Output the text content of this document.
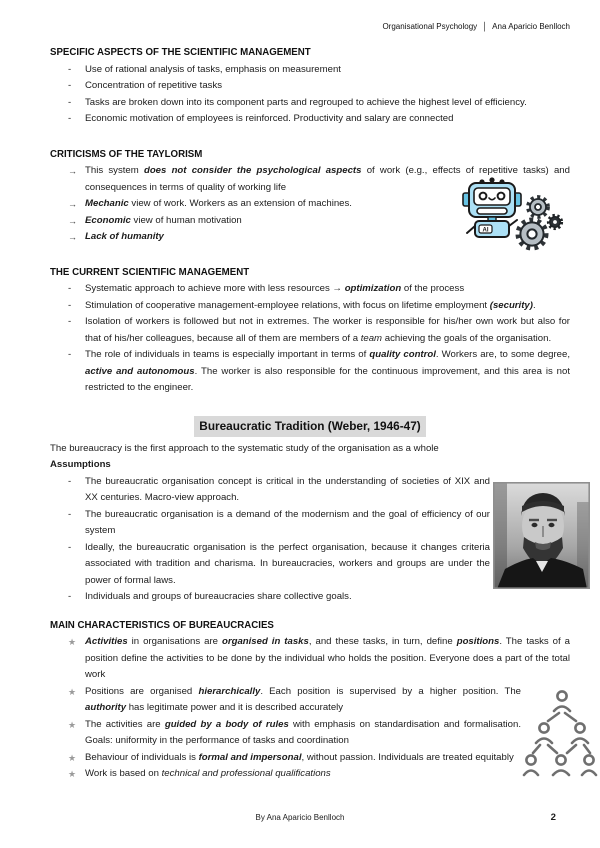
Organisational Psychology │ Ana Aparicio Benlloch
SPECIFIC ASPECTS OF THE SCIENTIFIC MANAGEMENT
-	Use of rational analysis of tasks, emphasis on measurement
-	Concentration of repetitive tasks
-	Tasks are broken down into its component parts and regrouped to achieve the highest level of efficiency.
-	Economic motivation of employees is reinforced. Productivity and salary are connected
CRITICISMS OF THE TAYLORISM
→ This system does not consider the psychological aspects of work (e.g., effects of repetitive tasks) and consequences in terms of quality of working life
→ Mechanic view of work. Workers as an extension of machines.
→ Economic view of human motivation
→ Lack of humanity
THE CURRENT SCIENTIFIC MANAGEMENT
-	Systematic approach to achieve more with less resources → optimization of the process
-	Stimulation of cooperative management-employee relations, with focus on lifetime employment (security).
-	Isolation of workers is followed but not in extremes. The worker is responsible for his/her own work but also for that of his/her colleagues, because all of them are members of a team achieving the goals of the organisation.
-	The role of individuals in teams is especially important in terms of quality control. Workers are, to some degree, active and autonomous. The worker is also responsible for the continuous improvement, and this area is not restricted to the engineer.
Bureaucratic Tradition (Weber, 1946-47)
The bureaucracy is the first approach to the systematic study of the organisation as a whole
Assumptions
-	The bureaucratic organisation concept is critical in the understanding of societies of XIX and XX centuries. Macro-view approach.
-	The bureaucratic organisation is a demand of the modernism and the goal of efficiency of our system
-	Ideally, the bureaucratic organisation is the perfect organisation, because it changes criteria associated with tradition and charisma. In bureaucracies, workers and groups are under the power of formal laws.
-	Individuals and groups of bureaucracies share collective goals.
MAIN CHARACTERISTICS OF BUREAUCRACIES
★ Activities in organisations are organised in tasks, and these tasks, in turn, define positions. The tasks of a position define the activities to be done by the individual who holds the position. Everyone does a part of the total work
★ Positions are organised hierarchically. Each position is supervised by a higher position. The authority has legitimate power and it is described accurately
★ The activities are guided by a body of rules with emphasis on standardisation and formalisation. Goals: uniformity in the performance of tasks and coordination
★ Behaviour of individuals is formal and impersonal, without passion. Individuals are treated equitably
★ Work is based on technical and professional qualifications
AI
By Ana Aparicio Benlloch	2
